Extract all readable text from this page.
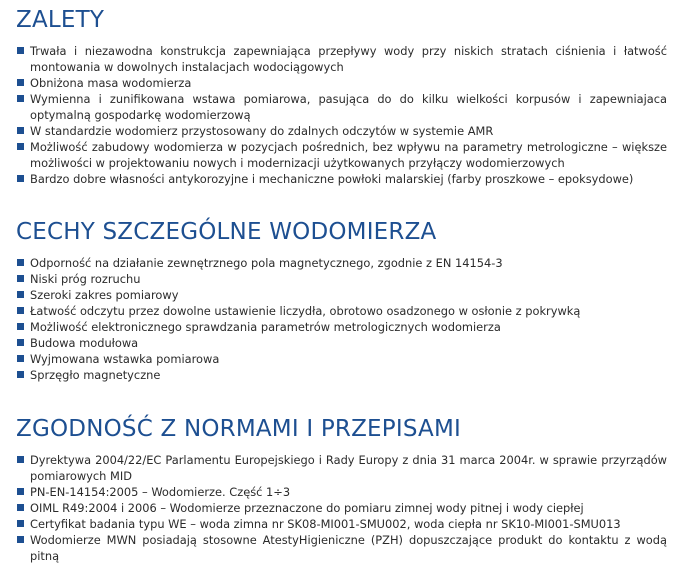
ZALETY
Trwała i niezawodna konstrukcja zapewniająca przepływy wody przy niskich stratach ciśnienia i łatwość montowania w dowolnych instalacjach wodociągowych
Obniżona masa wodomierza
Wymienna i zunifikowana wstawa pomiarowa, pasująca do do kilku wielkości korpusów i zapewniajaca optymalną gospodarkę wodomierzową
W standardzie wodomierz przystosowany do zdalnych odczytów w systemie AMR
Możliwość zabudowy wodomierza w pozycjach pośrednich, bez wpływu na parametry metrologiczne – większe możliwości w projektowaniu nowych i modernizacji użytkowanych przyłączy wodomierzowych
Bardzo dobre własności antykorozyjne i mechaniczne powłoki malarskiej (farby proszkowe – epoksydowe)
CECHY SZCZEGÓLNE WODOMIERZA
Odporność na działanie zewnętrznego pola magnetycznego, zgodnie z EN 14154-3
Niski próg rozruchu
Szeroki zakres pomiarowy
Łatwość odczytu przez dowolne ustawienie liczydła, obrotowo osadzonego w osłonie z pokrywką
Możliwość elektronicznego sprawdzania parametrów metrologicznych wodomierza
Budowa modułowa
Wyjmowana wstawka pomiarowa
Sprzęgło magnetyczne
ZGODNOŚĆ Z NORMAMI I PRZEPISAMI
Dyrektywa 2004/22/EC Parlamentu Europejskiego i Rady Europy z dnia 31 marca 2004r. w sprawie przyrządów pomiarowych MID
PN-EN-14154:2005 – Wodomierze. Część 1÷3
OIML R49:2004 i 2006 – Wodomierze przeznaczone do pomiaru zimnej wody pitnej i wody ciepłej
Certyfikat badania typu WE – woda zimna nr SK08-MI001-SMU002, woda ciepła nr SK10-MI001-SMU013
Wodomierze MWN posiadają stosowne AtestyHigieniczne (PZH) dopuszczające produkt do kontaktu z wodą pitną
